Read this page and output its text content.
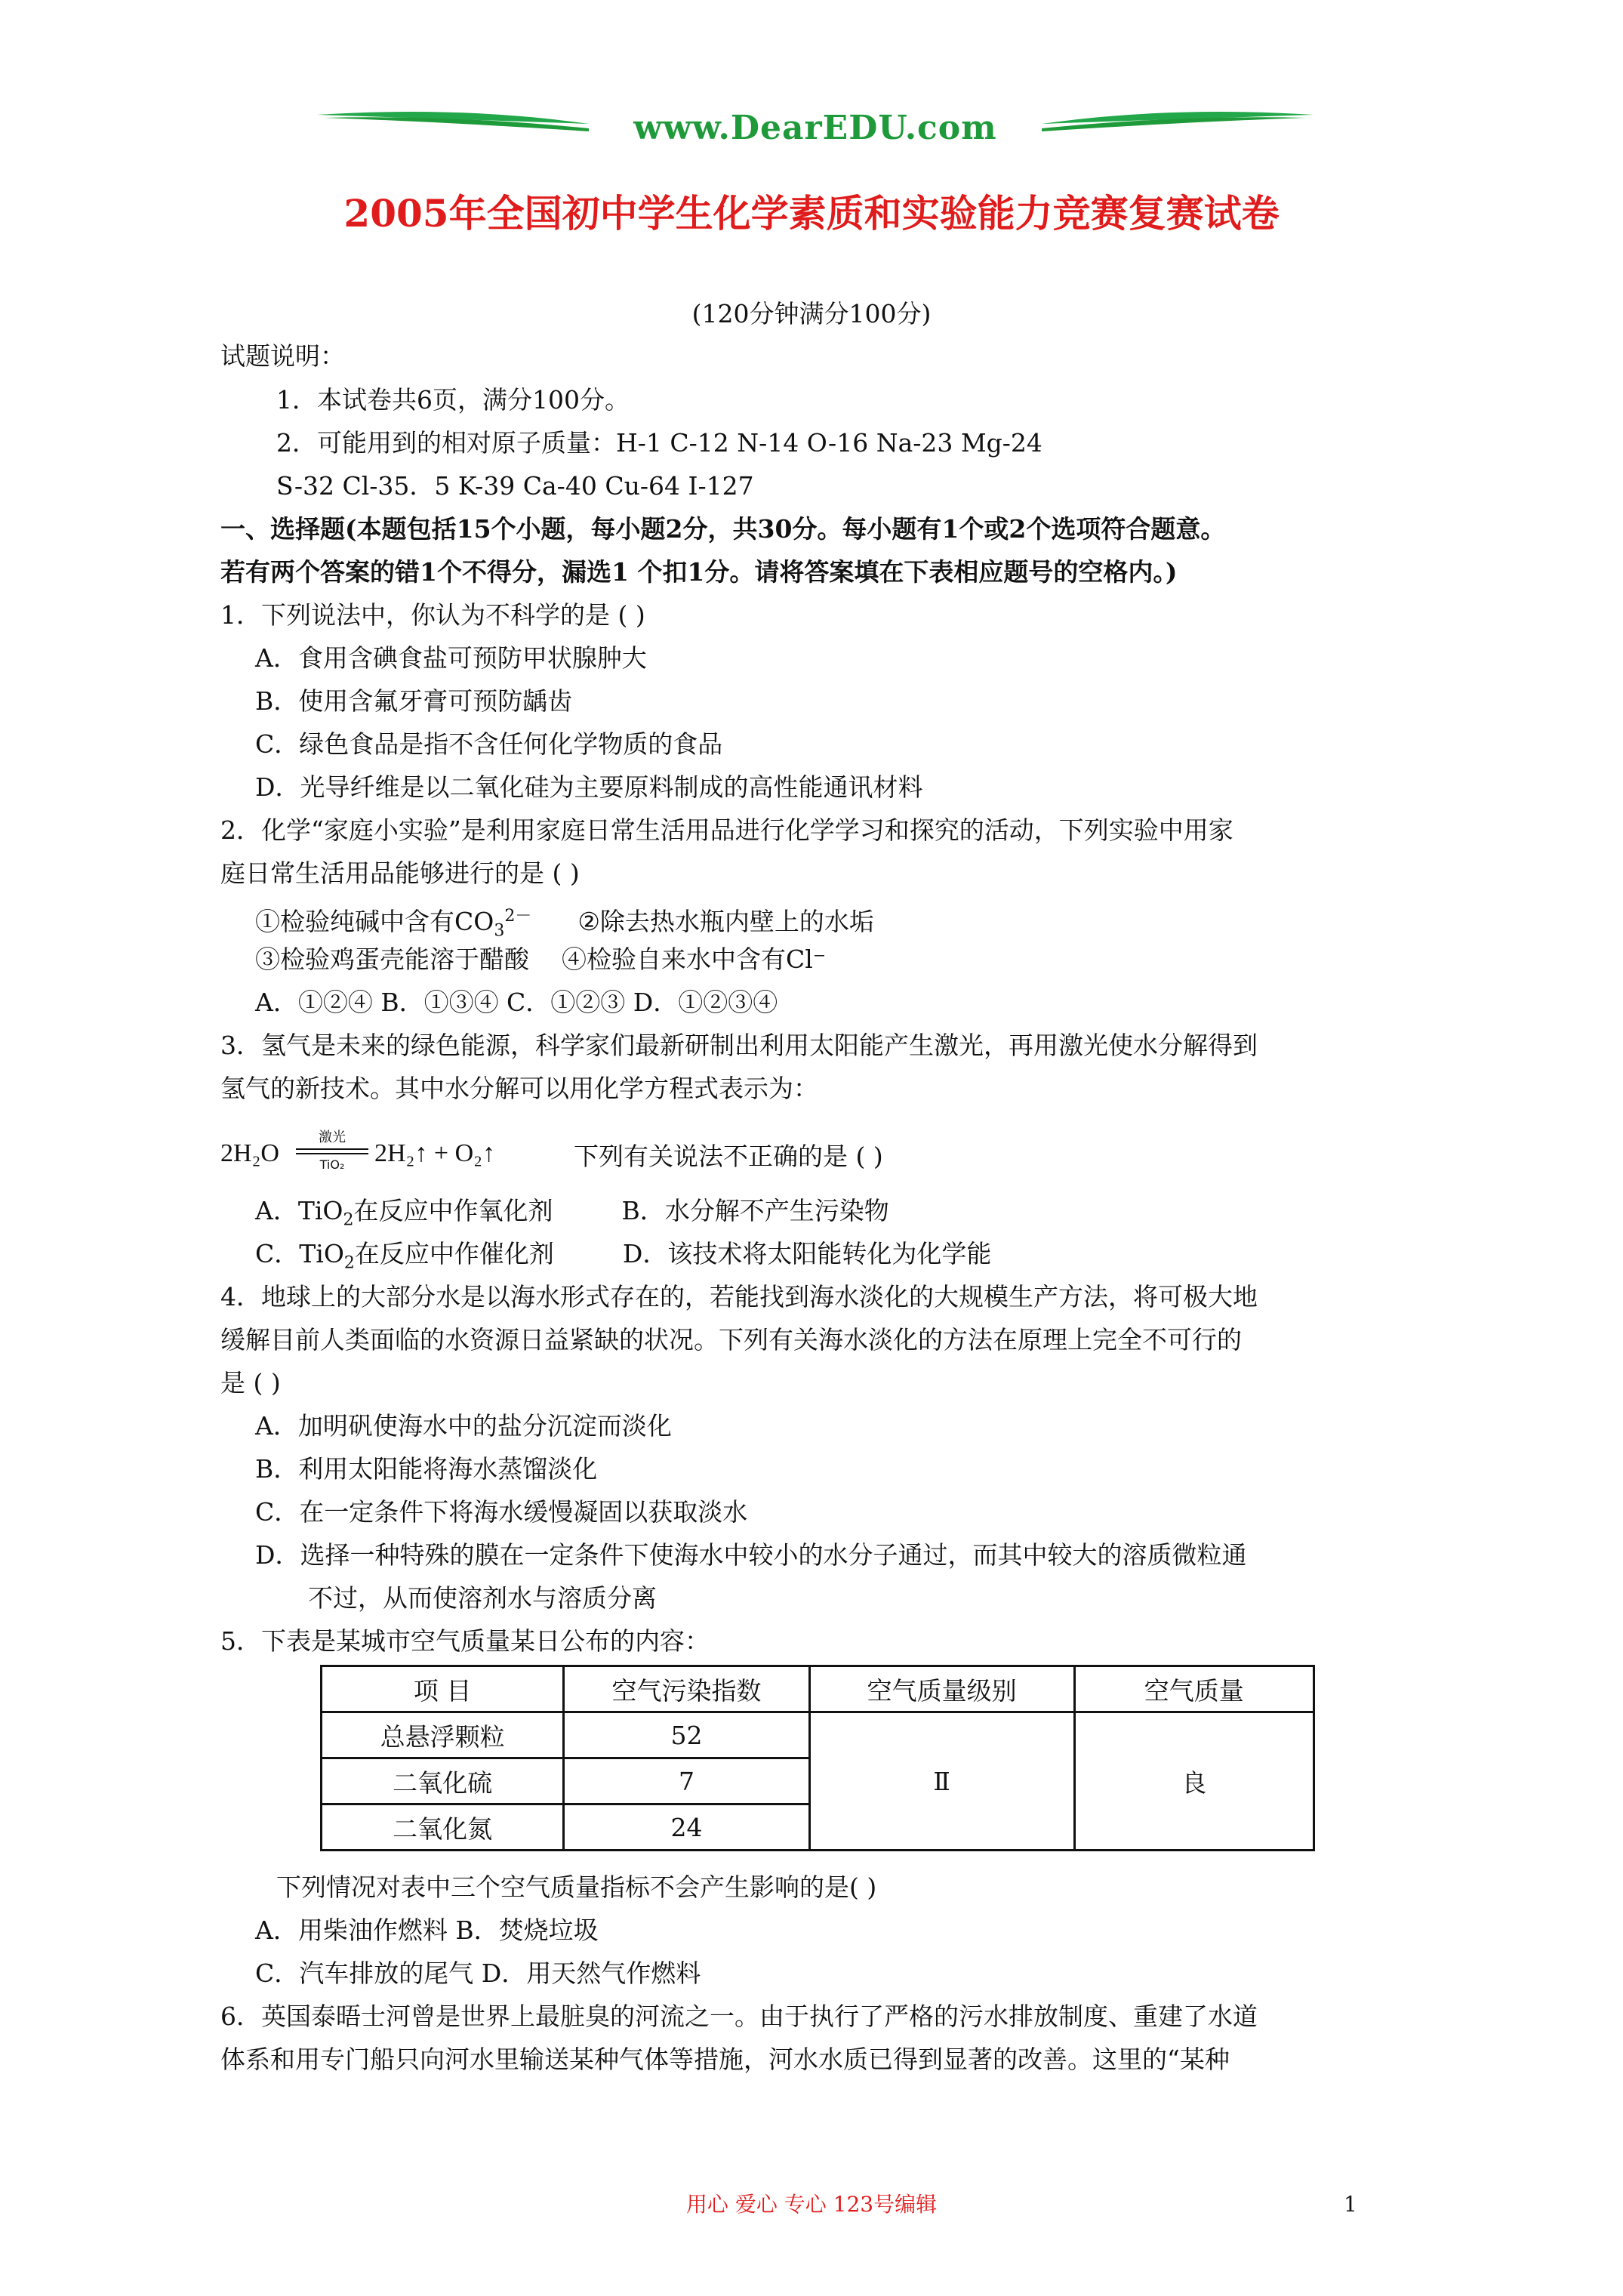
www.DearEDU.com
2005年全国初中学生化学素质和实验能力竞赛复赛试卷
(120分钟满分100分)
试题说明：
1．本试卷共6页，满分100分。
2．可能用到的相对原子质量：H-1 C-12 N-14 O-16 Na-23 Mg-24
S-32 Cl-35．5 K-39 Ca-40 Cu-64 I-127
一、选择题(本题包括15个小题，每小题2分，共30分。每小题有1个或2个选项符合题意。
若有两个答案的错1个不得分，漏选1 个扣1分。请将答案填在下表相应题号的空格内。)
1．下列说法中，你认为不科学的是 ( )
A．食用含碘食盐可预防甲状腺肿大
B．使用含氟牙膏可预防龋齿
C．绿色食品是指不含任何化学物质的食品
D．光导纤维是以二氧化硅为主要原料制成的高性能通讯材料
2．化学“家庭小实验”是利用家庭日常生活用品进行化学学习和探究的活动，下列实验中用家
庭日常生活用品能够进行的是 ( )
①检验纯碱中含有$CO_3^{2-}$ ②除去热水瓶内壁上的水垢
③检验鸡蛋壳能溶于醋酸 ④检验自来水中含有Cl⁻
A．①②④ B．①③④ C．①②③ D．①②③④
3．氢气是未来的绿色能源，科学家们最新研制出利用太阳能产生激光，再用激光使水分解得到
氢气的新技术。其中水分解可以用化学方程式表示为：
2H₂O
激光
TiO₂ 2H₂↑ + O₂↑	下列有关说法不正确的是 ( )
A．TiO$_2$在反应中作氧化剂	B．水分解不产生污染物
C．TiO$_2$在反应中作催化剂	D．该技术将太阳能转化为化学能
4．地球上的大部分水是以海水形式存在的，若能找到海水淡化的大规模生产方法，将可极大地
缓解目前人类面临的水资源日益紧缺的状况。下列有关海水淡化的方法在原理上完全不可行的
是 ( )
A．加明矾使海水中的盐分沉淀而淡化
B．利用太阳能将海水蒸馏淡化
C．在一定条件下将海水缓慢凝固以获取淡水
D．选择一种特殊的膜在一定条件下使海水中较小的水分子通过，而其中较大的溶质微粒通
不过，从而使溶剂水与溶质分离
5．下表是某城市空气质量某日公布的内容：
项 目	空气污染指数	空气质量级别	空气质量
总悬浮颗粒	52	Ⅱ	良
二氧化硫	7		
二氧化氮	24		
下列情况对表中三个空气质量指标不会产生影响的是( )
A．用柴油作燃料 B．焚烧垃圾
C．汽车排放的尾气 D．用天然气作燃料
6．英国泰晤士河曾是世界上最脏臭的河流之一。由于执行了严格的污水排放制度、重建了水道
体系和用专门船只向河水里输送某种气体等措施，河水水质已得到显著的改善。这里的“某种
用心 爱心 专心 123号编辑	1
